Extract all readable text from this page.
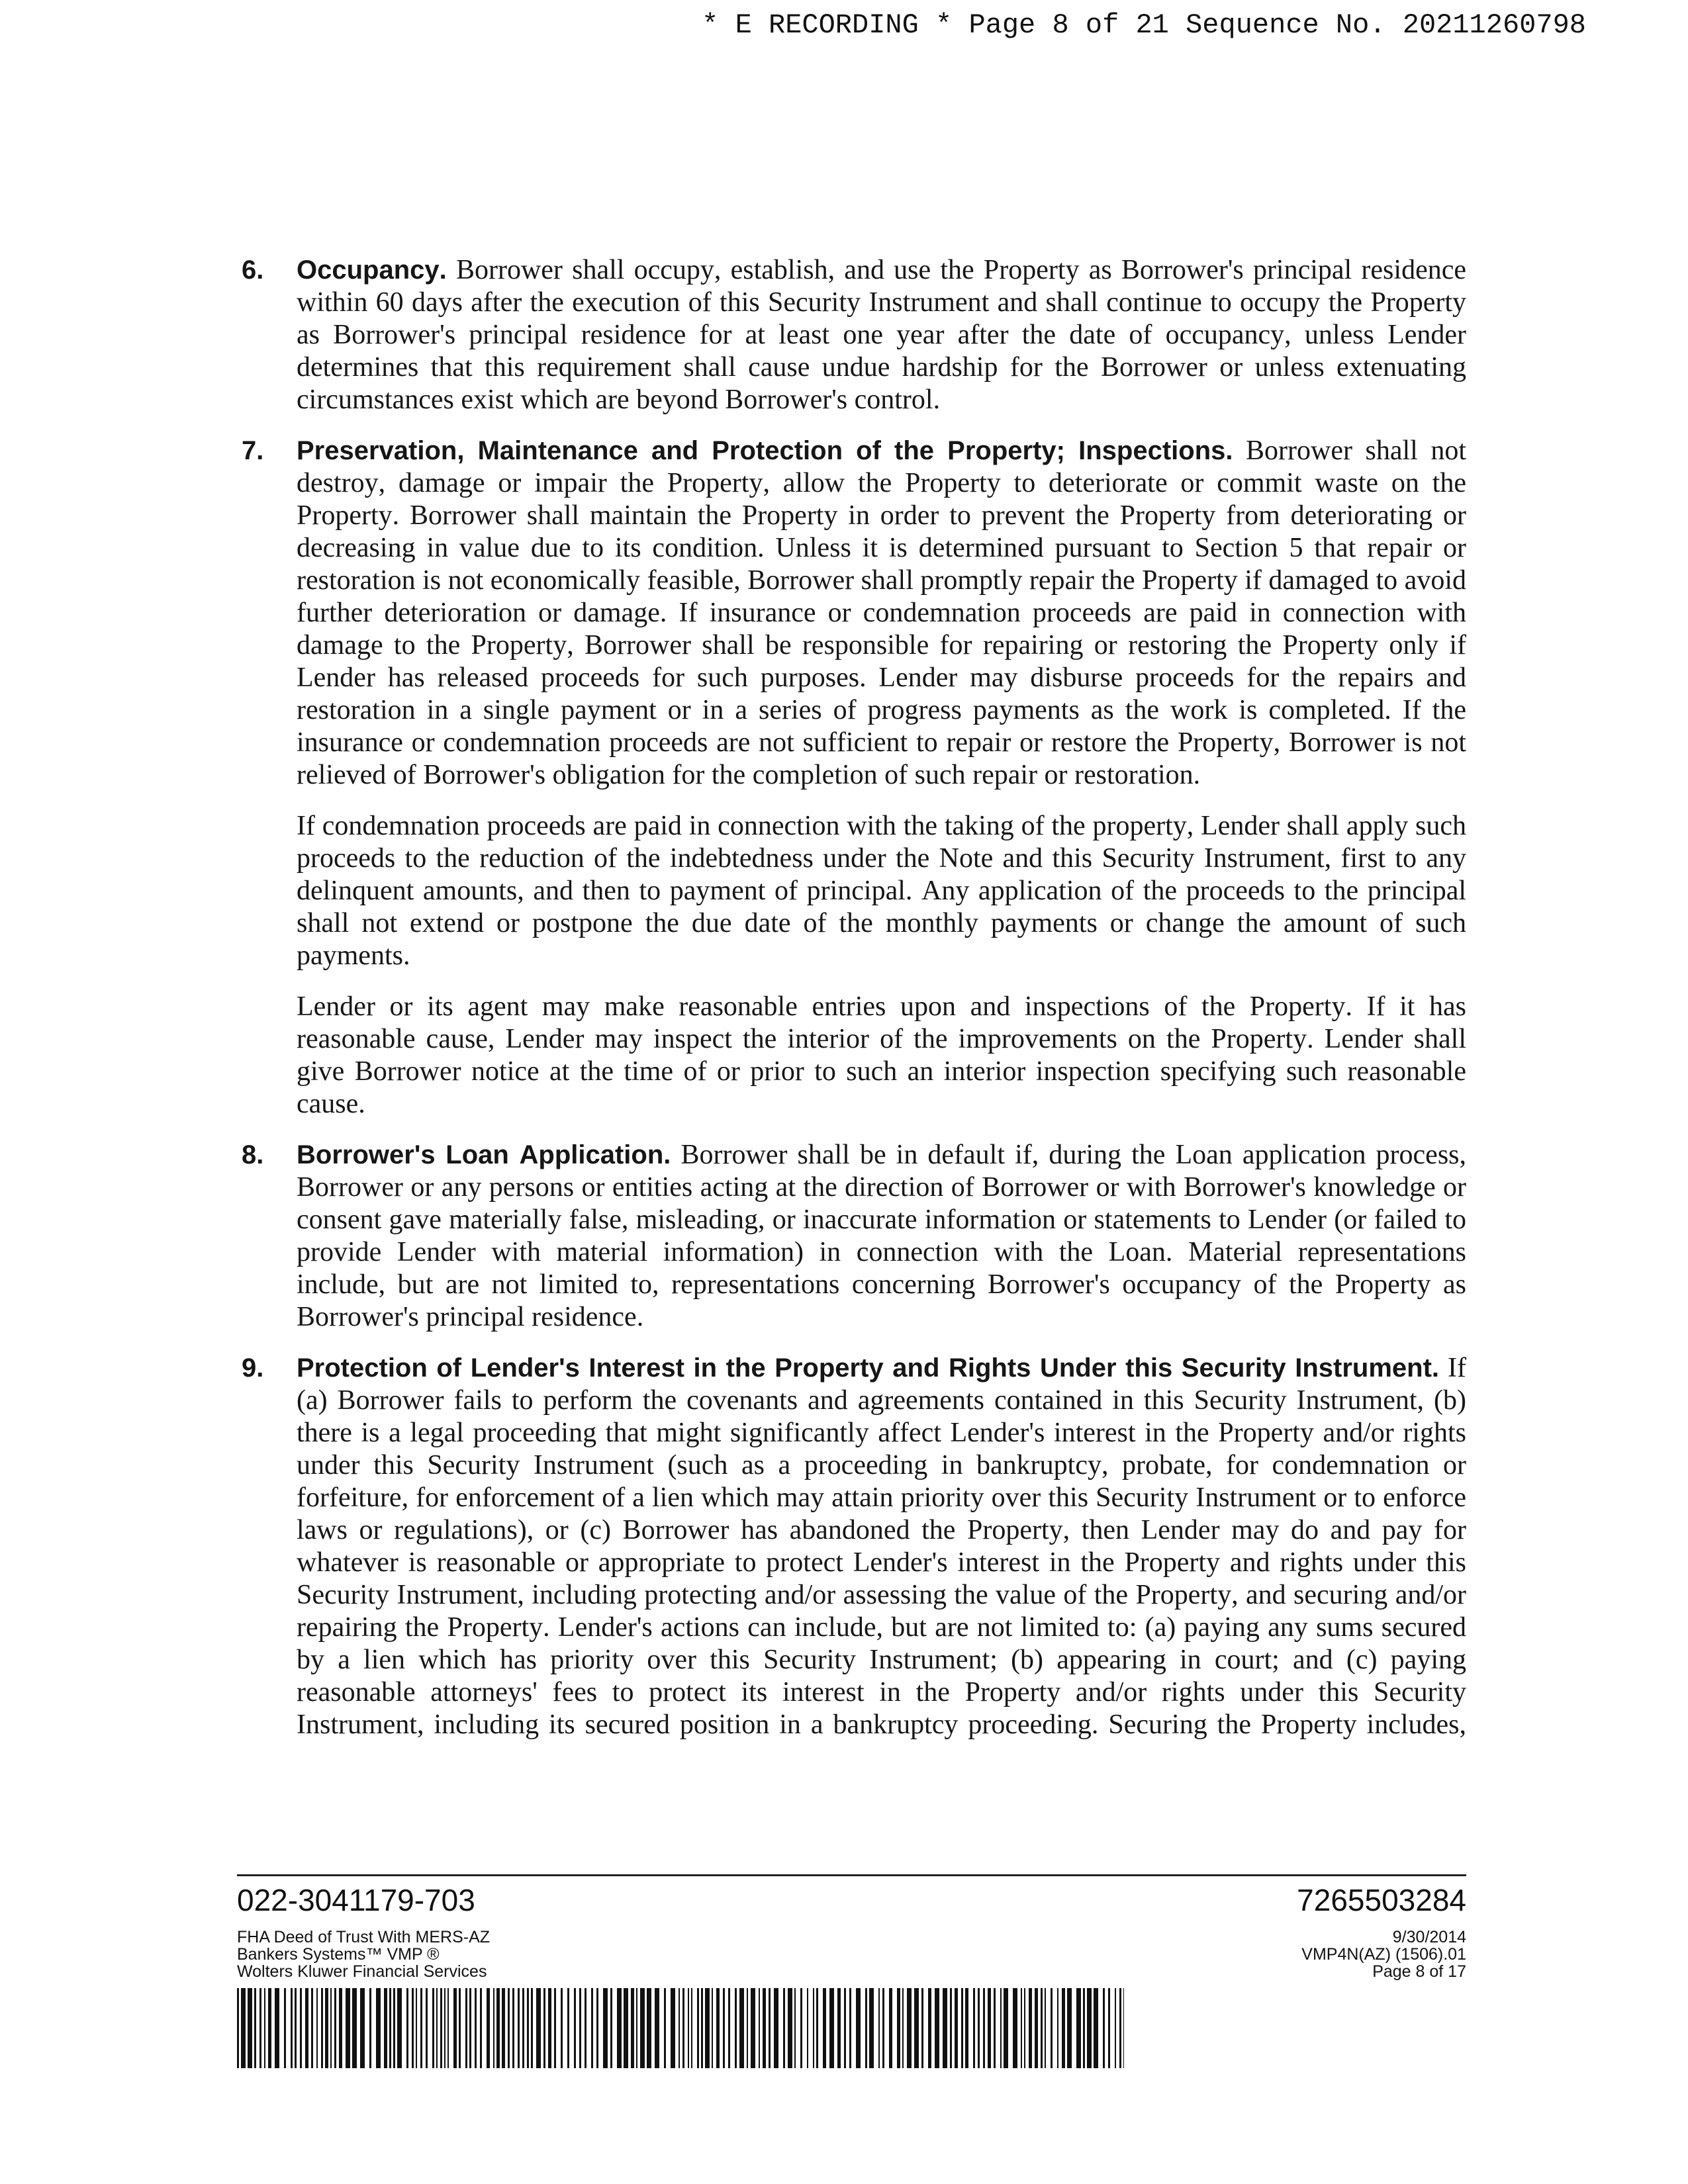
* E RECORDING * Page 8 of 21 Sequence No. 20211260798
6. Occupancy. Borrower shall occupy, establish, and use the Property as Borrower's principal residence within 60 days after the execution of this Security Instrument and shall continue to occupy the Property as Borrower's principal residence for at least one year after the date of occupancy, unless Lender determines that this requirement shall cause undue hardship for the Borrower or unless extenuating circumstances exist which are beyond Borrower's control.

7. Preservation, Maintenance and Protection of the Property; Inspections. Borrower shall not destroy, damage or impair the Property, allow the Property to deteriorate or commit waste on the Property. Borrower shall maintain the Property in order to prevent the Property from deteriorating or decreasing in value due to its condition. Unless it is determined pursuant to Section 5 that repair or restoration is not economically feasible, Borrower shall promptly repair the Property if damaged to avoid further deterioration or damage. If insurance or condemnation proceeds are paid in connection with damage to the Property, Borrower shall be responsible for repairing or restoring the Property only if Lender has released proceeds for such purposes. Lender may disburse proceeds for the repairs and restoration in a single payment or in a series of progress payments as the work is completed. If the insurance or condemnation proceeds are not sufficient to repair or restore the Property, Borrower is not relieved of Borrower's obligation for the completion of such repair or restoration.

If condemnation proceeds are paid in connection with the taking of the property, Lender shall apply such proceeds to the reduction of the indebtedness under the Note and this Security Instrument, first to any delinquent amounts, and then to payment of principal. Any application of the proceeds to the principal shall not extend or postpone the due date of the monthly payments or change the amount of such payments.

Lender or its agent may make reasonable entries upon and inspections of the Property. If it has reasonable cause, Lender may inspect the interior of the improvements on the Property. Lender shall give Borrower notice at the time of or prior to such an interior inspection specifying such reasonable cause.

8. Borrower's Loan Application. Borrower shall be in default if, during the Loan application process, Borrower or any persons or entities acting at the direction of Borrower or with Borrower's knowledge or consent gave materially false, misleading, or inaccurate information or statements to Lender (or failed to provide Lender with material information) in connection with the Loan. Material representations include, but are not limited to, representations concerning Borrower's occupancy of the Property as Borrower's principal residence.

9. Protection of Lender's Interest in the Property and Rights Under this Security Instrument. If (a) Borrower fails to perform the covenants and agreements contained in this Security Instrument, (b) there is a legal proceeding that might significantly affect Lender's interest in the Property and/or rights under this Security Instrument (such as a proceeding in bankruptcy, probate, for condemnation or forfeiture, for enforcement of a lien which may attain priority over this Security Instrument or to enforce laws or regulations), or (c) Borrower has abandoned the Property, then Lender may do and pay for whatever is reasonable or appropriate to protect Lender's interest in the Property and rights under this Security Instrument, including protecting and/or assessing the value of the Property, and securing and/or repairing the Property. Lender's actions can include, but are not limited to: (a) paying any sums secured by a lien which has priority over this Security Instrument; (b) appearing in court; and (c) paying reasonable attorneys' fees to protect its interest in the Property and/or rights under this Security Instrument, including its secured position in a bankruptcy proceeding. Securing the Property includes,

022-3041179-703	7265503284
FHA Deed of Trust With MERS-AZ
Bankers Systems™ VMP ®
Wolters Kluwer Financial Services
9/30/2014
VMP4N(AZ) (1506).01
Page 8 of 17
